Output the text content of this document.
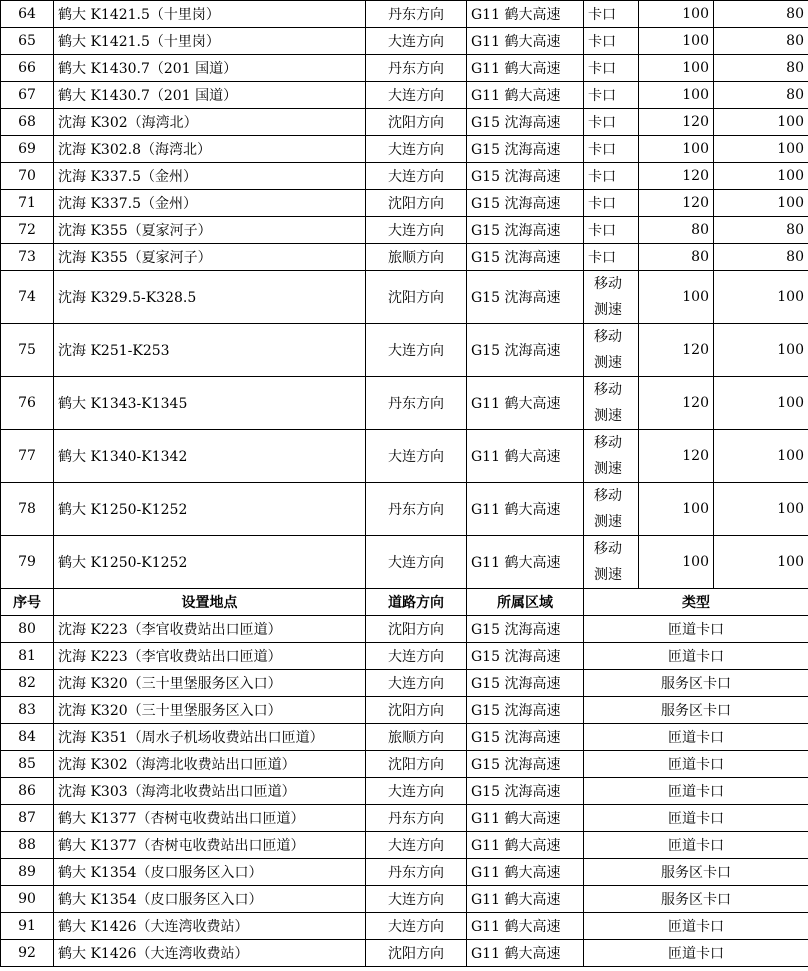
64	鹤大 K1421.5（十里岗）	丹东方向	G11 鹤大高速	卡口	100	80
65	鹤大 K1421.5（十里岗）	大连方向	G11 鹤大高速	卡口	100	80
66	鹤大 K1430.7（201 国道）	丹东方向	G11 鹤大高速	卡口	100	80
67	鹤大 K1430.7（201 国道）	大连方向	G11 鹤大高速	卡口	100	80
68	沈海 K302（海湾北）	沈阳方向	G15 沈海高速	卡口	120	100
69	沈海 K302.8（海湾北）	大连方向	G15 沈海高速	卡口	100	100
70	沈海 K337.5（金州）	大连方向	G15 沈海高速	卡口	120	100
71	沈海 K337.5（金州）	沈阳方向	G15 沈海高速	卡口	120	100
72	沈海 K355（夏家河子）	大连方向	G15 沈海高速	卡口	80	80
73	沈海 K355（夏家河子）	旅顺方向	G15 沈海高速	卡口	80	80
74	沈海 K329.5-K328.5	沈阳方向	G15 沈海高速	移动测速	100	100
75	沈海 K251-K253	大连方向	G15 沈海高速	移动测速	120	100
76	鹤大 K1343-K1345	丹东方向	G11 鹤大高速	移动测速	120	100
77	鹤大 K1340-K1342	大连方向	G11 鹤大高速	移动测速	120	100
78	鹤大 K1250-K1252	丹东方向	G11 鹤大高速	移动测速	100	100
79	鹤大 K1250-K1252	大连方向	G11 鹤大高速	移动测速	100	100
序号	设置地点	道路方向	所属区域	类型		
80	沈海 K223（李官收费站出口匝道）	沈阳方向	G15 沈海高速	匝道卡口		
81	沈海 K223（李官收费站出口匝道）	大连方向	G15 沈海高速	匝道卡口		
82	沈海 K320（三十里堡服务区入口）	大连方向	G15 沈海高速	服务区卡口		
83	沈海 K320（三十里堡服务区入口）	沈阳方向	G15 沈海高速	服务区卡口		
84	沈海 K351（周水子机场收费站出口匝道）	旅顺方向	G15 沈海高速	匝道卡口		
85	沈海 K302（海湾北收费站出口匝道）	沈阳方向	G15 沈海高速	匝道卡口		
86	沈海 K303（海湾北收费站出口匝道）	大连方向	G15 沈海高速	匝道卡口		
87	鹤大 K1377（杏树屯收费站出口匝道）	丹东方向	G11 鹤大高速	匝道卡口		
88	鹤大 K1377（杏树屯收费站出口匝道）	大连方向	G11 鹤大高速	匝道卡口		
89	鹤大 K1354（皮口服务区入口）	丹东方向	G11 鹤大高速	服务区卡口		
90	鹤大 K1354（皮口服务区入口）	大连方向	G11 鹤大高速	服务区卡口		
91	鹤大 K1426（大连湾收费站）	大连方向	G11 鹤大高速	匝道卡口		
92	鹤大 K1426（大连湾收费站）	沈阳方向	G11 鹤大高速	匝道卡口		
